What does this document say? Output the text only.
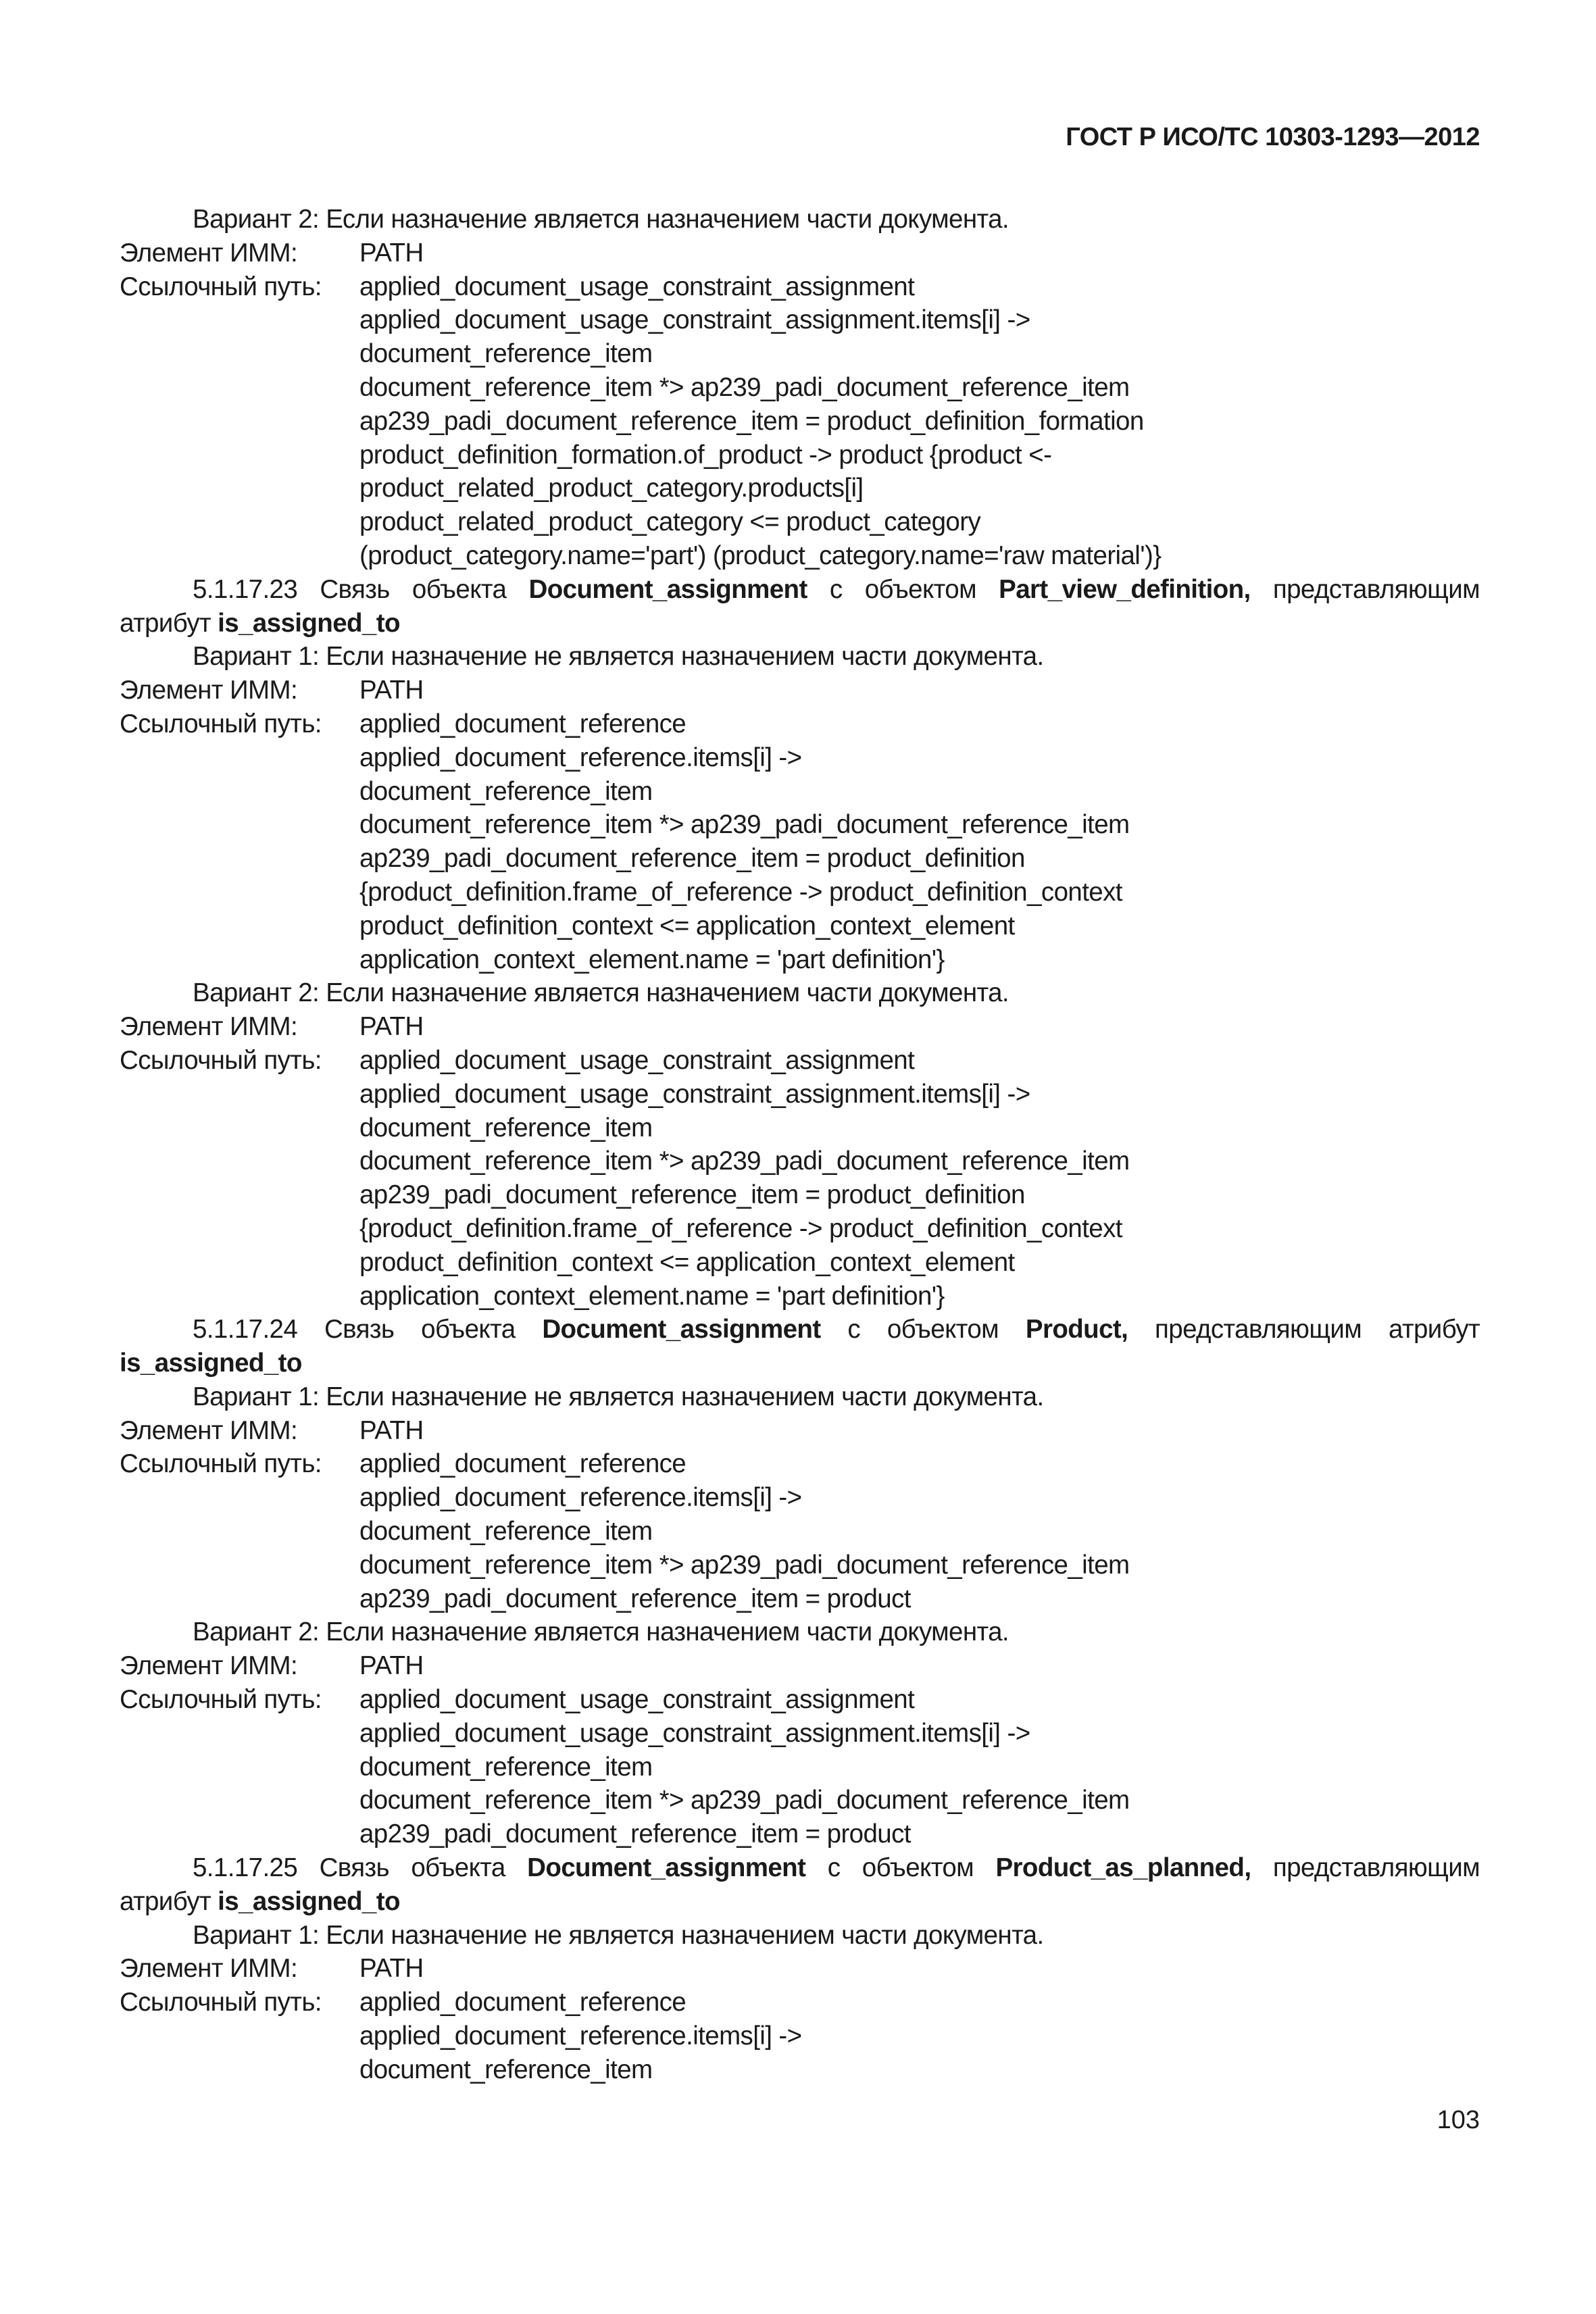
ГОСТ Р ИСО/ТС 10303-1293—2012
Вариант 2: Если назначение является назначением части документа.
Элемент ИММ:	PATH
Ссылочный путь:	applied_document_usage_constraint_assignment
applied_document_usage_constraint_assignment.items[i] ->
document_reference_item
document_reference_item *> ap239_padi_document_reference_item
ap239_padi_document_reference_item = product_definition_formation
product_definition_formation.of_product -> product {product <-
product_related_product_category.products[i]
product_related_product_category <= product_category
(product_category.name='part') (product_category.name='raw material')}
5.1.17.23 Связь объекта Document_assignment с объектом Part_view_definition, представляющим
атрибут is_assigned_to
Вариант 1: Если назначение не является назначением части документа.
Элемент ИММ:	PATH
Ссылочный путь:	applied_document_reference
applied_document_reference.items[i] ->
document_reference_item
document_reference_item *> ap239_padi_document_reference_item
ap239_padi_document_reference_item = product_definition
{product_definition.frame_of_reference -> product_definition_context
product_definition_context <= application_context_element
application_context_element.name = 'part definition'}
Вариант 2: Если назначение является назначением части документа.
Элемент ИММ:	PATH
Ссылочный путь:	applied_document_usage_constraint_assignment
applied_document_usage_constraint_assignment.items[i] ->
document_reference_item
document_reference_item *> ap239_padi_document_reference_item
ap239_padi_document_reference_item = product_definition
{product_definition.frame_of_reference -> product_definition_context
product_definition_context <= application_context_element
application_context_element.name = 'part definition'}
5.1.17.24 Связь объекта Document_assignment с объектом Product, представляющим атрибут
is_assigned_to
Вариант 1: Если назначение не является назначением части документа.
Элемент ИММ:	PATH
Ссылочный путь:	applied_document_reference
applied_document_reference.items[i] ->
document_reference_item
document_reference_item *> ap239_padi_document_reference_item
ap239_padi_document_reference_item = product
Вариант 2: Если назначение является назначением части документа.
Элемент ИММ:	PATH
Ссылочный путь:	applied_document_usage_constraint_assignment
applied_document_usage_constraint_assignment.items[i] ->
document_reference_item
document_reference_item *> ap239_padi_document_reference_item
ap239_padi_document_reference_item = product
5.1.17.25 Связь объекта Document_assignment с объектом Product_as_planned, представляющим
атрибут is_assigned_to
Вариант 1: Если назначение не является назначением части документа.
Элемент ИММ:	PATH
Ссылочный путь:	applied_document_reference
applied_document_reference.items[i] ->
document_reference_item
103
